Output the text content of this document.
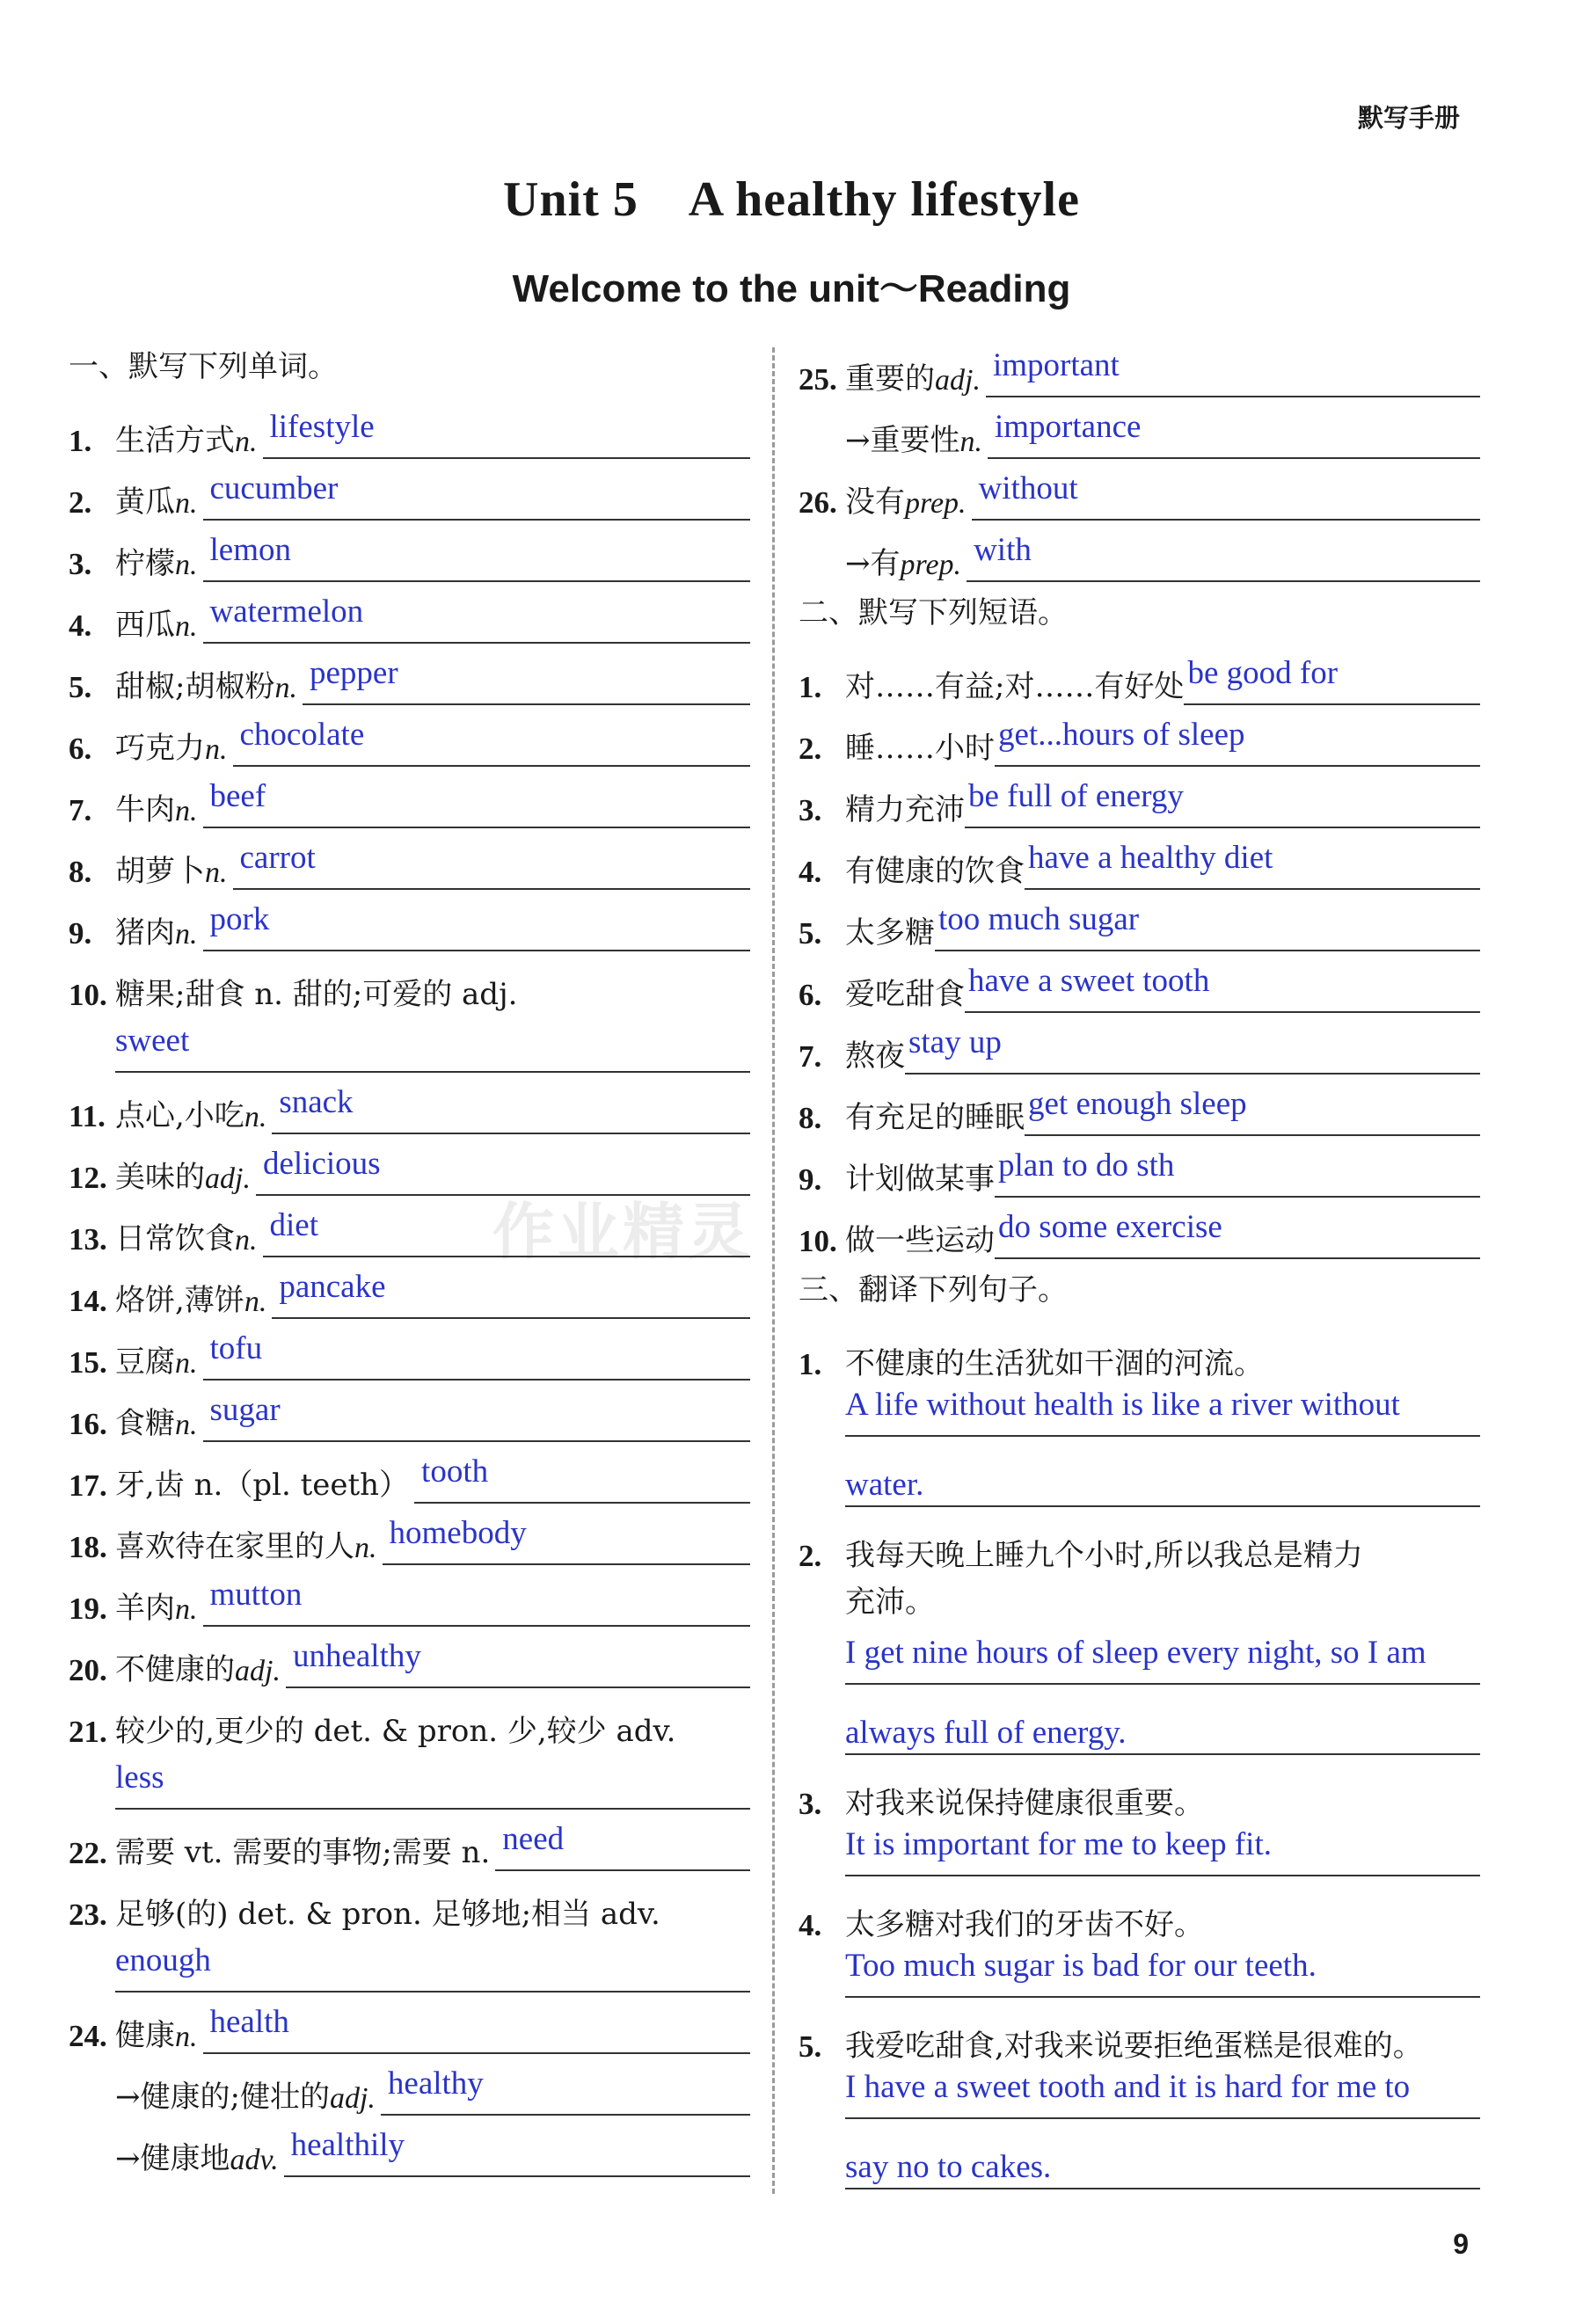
默写手册
Unit 5    A healthy lifestyle
Welcome to the unit～Reading
作业精灵
一、默写下列单词。
1. 生活方式 n. lifestyle
2. 黄瓜 n. cucumber
3. 柠檬 n. lemon
4. 西瓜 n. watermelon
5. 甜椒;胡椒粉 n. pepper
6. 巧克力 n. chocolate
7. 牛肉 n. beef
8. 胡萝卜 n. carrot
9. 猪肉 n. pork
10. 糖果;甜食 n. 甜的;可爱的 adj.
sweet
11. 点心,小吃 n. snack
12. 美味的 adj. delicious
13. 日常饮食 n. diet
14. 烙饼,薄饼 n. pancake
15. 豆腐 n. tofu
16. 食糖 n. sugar
17. 牙,齿 n.（pl. teeth） tooth
18. 喜欢待在家里的人 n. homebody
19. 羊肉 n. mutton
20. 不健康的 adj. unhealthy
21. 较少的,更少的 det. & pron. 少,较少 adv.
less
22. 需要 vt. 需要的事物;需要 n. need
23. 足够(的) det. & pron. 足够地;相当 adv.
enough
24. 健康 n. health
→健康的;健壮的 adj. healthy
→健康地 adv. healthily
25. 重要的 adj. important
→重要性 n. importance
26. 没有 prep. without
→有 prep. with
二、默写下列短语。
1. 对……有益;对……有好处 be good for
2. 睡……小时 get...hours of sleep
3. 精力充沛 be full of energy
4. 有健康的饮食 have a healthy diet
5. 太多糖 too much sugar
6. 爱吃甜食 have a sweet tooth
7. 熬夜 stay up
8. 有充足的睡眠 get enough sleep
9. 计划做某事 plan to do sth
10. 做一些运动 do some exercise
三、翻译下列句子。
1. 不健康的生活犹如干涸的河流。
A life without health is like a river without
water.
2. 我每天晚上睡九个小时,所以我总是精力
充沛。
I get nine hours of sleep every night, so I am
always full of energy.
3. 对我来说保持健康很重要。
It is important for me to keep fit.
4. 太多糖对我们的牙齿不好。
Too much sugar is bad for our teeth.
5. 我爱吃甜食,对我来说要拒绝蛋糕是很难的。
I have a sweet tooth and it is hard for me to
say no to cakes.
9
